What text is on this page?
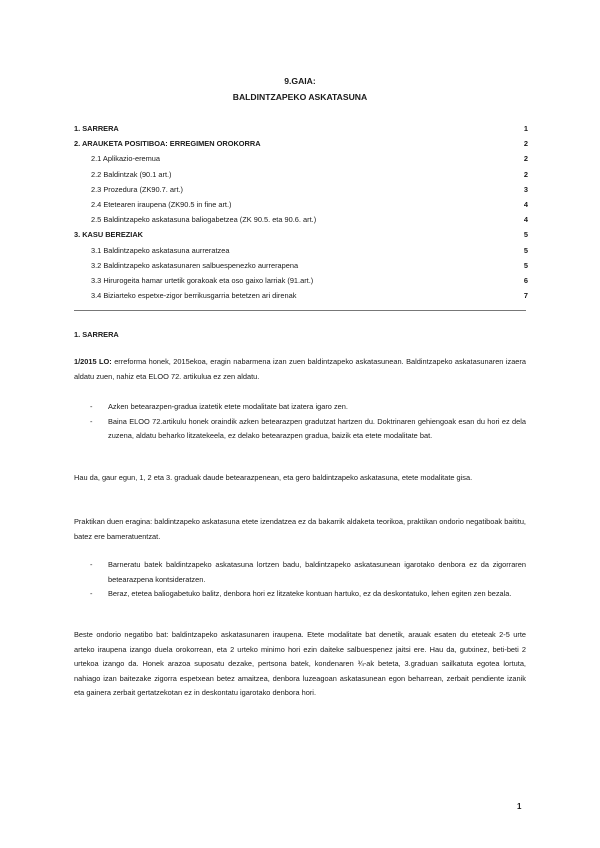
9.GAIA:
BALDINTZAPEKO ASKATASUNA
1. SARRERA	1
2. ARAUKETA POSITIBOA: ERREGIMEN OROKORRA	2
2.1 Aplikazio-eremua	2
2.2 Baldintzak (90.1 art.)	2
2.3 Prozedura (ZK90.7. art.)	3
2.4 Etetearen iraupena (ZK90.5 in fine art.)	4
2.5 Baldintzapeko askatasuna baliogabetzea (ZK 90.5. eta 90.6. art.)	4
3. KASU BEREZIAK	5
3.1 Baldintzapeko askatasuna aurreratzea	5
3.2 Baldintzapeko askatasunaren salbuespenezko aurrerapena	5
3.3 Hirurogeita hamar urtetik gorakoak eta oso gaixo larriak (91.art.)	6
3.4 Biziarteko espetxe-zigor berrikusgarria betetzen ari direnak	7
1. SARRERA

1/2015 LO: erreforma honek, 2015ekoa, eragin nabarmena izan zuen baldintzapeko askatasunean. Baldintzapeko askatasunaren izaera aldatu zuen, nahiz eta ELOO 72. artikulua ez zen aldatu.

- Azken betearazpen-gradua izatetik etete modalitate bat izatera igaro zen.
- Baina ELOO 72.artikulu honek oraindik azken betearazpen gradutzat hartzen du. Doktrinaren gehiengoak esan du hori ez dela zuzena, aldatu beharko litzatekeela, ez delako betearazpen gradua, baizik eta etete modalitate bat.

Hau da, gaur egun, 1, 2 eta 3. graduak daude betearazpenean, eta gero baldintzapeko askatasuna, etete modalitate gisa.

Praktikan duen eragina: baldintzapeko askatasuna etete izendatzea ez da bakarrik aldaketa teorikoa, praktikan ondorio negatiboak baititu, batez ere bameratuentzat.

- Barneratu batek baldintzapeko askatasuna lortzen badu, baldintzapeko askatasunean igarotako denbora ez da zigorraren betearazpena kontsideratzen.
- Beraz, etetea baliogabetuko balitz, denbora hori ez litzateke kontuan hartuko, ez da deskontatuko, lehen egiten zen bezala.

Beste ondorio negatibo bat: baldintzapeko askatasunaren iraupena. Etete modalitate bat denetik, arauak esaten du eteteak 2-5 urte arteko iraupena izango duela orokorrean, eta 2 urteko minimo hori ezin daiteke salbuespenez jaitsi ere. Hau da, gutxinez, beti-beti 2 urtekoa izango da. Honek arazoa suposatu dezake, pertsona batek, kondenaren ¾-ak beteta, 3.graduan sailkatuta egotea lortuta, nahiago izan baitezake zigorra espetxean betez amaitzea, denbora luzeagoan askatasunean egon beharrean, zerbait pendiente izanik eta gainera zerbait gertatzekotan ez in deskontatu igarotako denbora hori.

1
